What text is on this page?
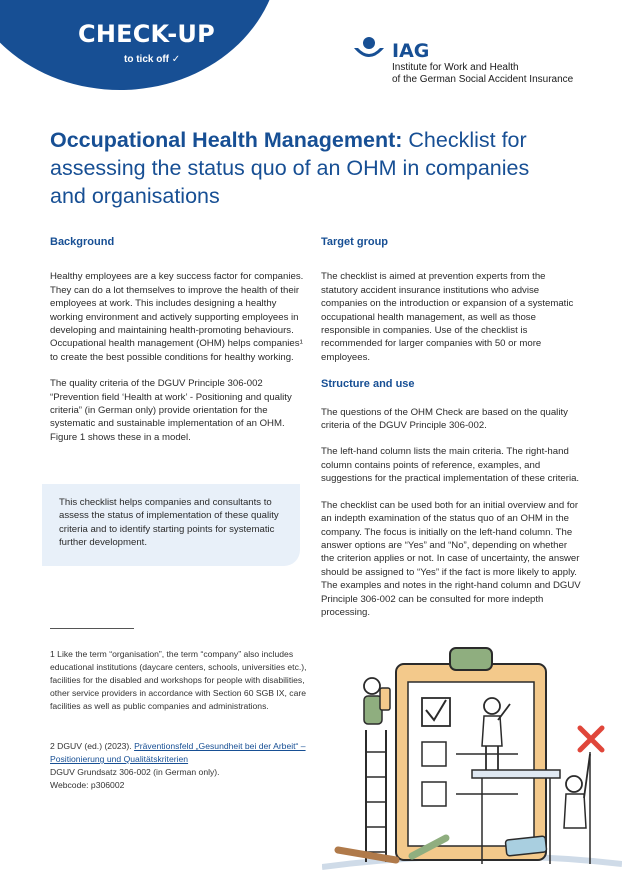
CHECK-UP
to tick off ✓	IAG
Institute for Work and Health
of the German Social Accident Insurance
Occupational Health Management: Checklist for assessing the status quo of an OHM in companies and organisations
Background

Healthy employees are a key success factor for companies. They can do a lot themselves to improve the health of their employees at work. This includes designing a healthy working environment and actively supporting employees in developing and maintaining health-promoting behaviours. Occupational health management (OHM) helps companies¹ to create the best possible conditions for healthy working.

The quality criteria of the DGUV Principle 306-002 “Prevention field ‘Health at work’ - Positioning and quality criteria” (in German only) provide orientation for the systematic and sustainable implementation of an OHM. Figure 1 shows these in a model.

This checklist helps companies and consultants to assess the status of implementation of these quality criteria and to identify starting points for systematic further development.
Target group

The checklist is aimed at prevention experts from the statutory accident insurance institutions who advise companies on the introduction or expansion of a systematic occupational health management, as well as those responsible in companies. Use of the checklist is recommended for larger companies with 50 or more employees.

Structure and use

The questions of the OHM Check are based on the quality criteria of the DGUV Principle 306-002.

The left-hand column lists the main criteria. The right-hand column contains points of reference, examples, and suggestions for the practical implementation of these criteria.

The checklist can be used both for an initial overview and for an indepth examination of the status quo of an OHM in the company. The focus is initially on the left-hand column. The answer options are “Yes” and “No”, depending on whether the criterion applies or not. In case of uncertainty, the answer should be assigned to “Yes” if the fact is more likely to apply. The examples and notes in the right-hand column and DGUV Principle 306-002 can be consulted for more indepth processing.

1 Like the term “organisation”, the term “company” also includes educational institutions (daycare centers, schools, universities etc.), facilities for the disabled and workshops for people with disabilities, other service providers in accordance with Section 60 SGB IX, care facilities as well as public companies and administrations.
2 DGUV (ed.) (2023). Präventionsfeld „Gesundheit bei der Arbeit“ – Positionierung und Qualitätskriterien
DGUV Grundsatz 306-002 (in German only).
Webcode: p306002
